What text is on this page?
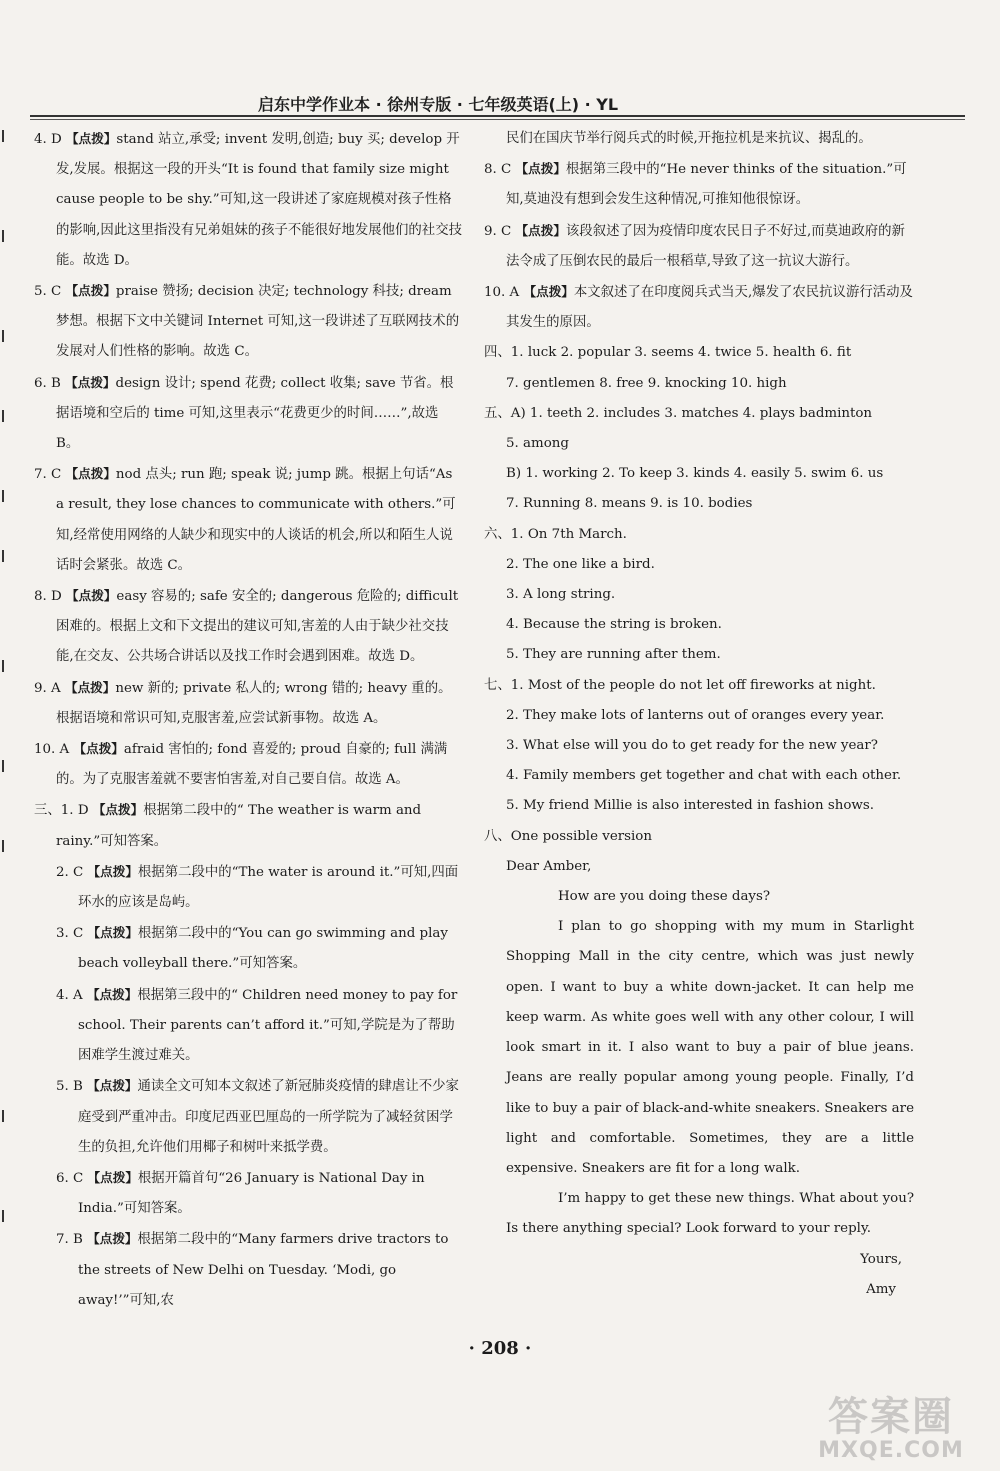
启东中学作业本 · 徐州专版 · 七年级英语(上) · YL
4. D 【点拨】stand 站立,承受; invent 发明,创造; buy 买; develop 开发,发展。根据这一段的开头“It is found that family size might cause people to be shy.”可知,这一段讲述了家庭规模对孩子性格的影响,因此这里指没有兄弟姐妹的孩子不能很好地发展他们的社交技能。故选 D。
5. C 【点拨】praise 赞扬; decision 决定; technology 科技; dream 梦想。根据下文中关键词 Internet 可知,这一段讲述了互联网技术的发展对人们性格的影响。故选 C。
6. B 【点拨】design 设计; spend 花费; collect 收集; save 节省。根据语境和空后的 time 可知,这里表示“花费更少的时间……”,故选 B。
7. C 【点拨】nod 点头; run 跑; speak 说; jump 跳。根据上句话“As a result, they lose chances to communicate with others.”可知,经常使用网络的人缺少和现实中的人谈话的机会,所以和陌生人说话时会紧张。故选 C。
8. D 【点拨】easy 容易的; safe 安全的; dangerous 危险的; difficult 困难的。根据上文和下文提出的建议可知,害羞的人由于缺少社交技能,在交友、公共场合讲话以及找工作时会遇到困难。故选 D。
9. A 【点拨】new 新的; private 私人的; wrong 错的; heavy 重的。根据语境和常识可知,克服害羞,应尝试新事物。故选 A。
10. A 【点拨】afraid 害怕的; fond 喜爱的; proud 自豪的; full 满满的。为了克服害羞就不要害怕害羞,对自己要自信。故选 A。
三、1. D 【点拨】根据第二段中的“ The weather is warm and rainy.”可知答案。
2. C 【点拨】根据第二段中的“The water is around it.”可知,四面环水的应该是岛屿。
3. C 【点拨】根据第二段中的“You can go swimming and play beach volleyball there.”可知答案。
4. A 【点拨】根据第三段中的“ Children need money to pay for school. Their parents can’t afford it.”可知,学院是为了帮助困难学生渡过难关。
5. B 【点拨】通读全文可知本文叙述了新冠肺炎疫情的肆虐让不少家庭受到严重冲击。印度尼西亚巴厘岛的一所学院为了减轻贫困学生的负担,允许他们用椰子和树叶来抵学费。
6. C 【点拨】根据开篇首句“26 January is National Day in India.”可知答案。
7. B 【点拨】根据第二段中的“Many farmers drive tractors to the streets of New Delhi on Tuesday. ‘Modi, go away!’”可知,农
民们在国庆节举行阅兵式的时候,开拖拉机是来抗议、揭乱的。
8. C 【点拨】根据第三段中的“He never thinks of the situation.”可知,莫迪没有想到会发生这种情况,可推知他很惊讶。
9. C 【点拨】该段叙述了因为疫情印度农民日子不好过,而莫迪政府的新法令成了压倒农民的最后一根稻草,导致了这一抗议大游行。
10. A 【点拨】本文叙述了在印度阅兵式当天,爆发了农民抗议游行活动及其发生的原因。
四、1. luck 2. popular 3. seems 4. twice 5. health 6. fit
7. gentlemen 8. free 9. knocking 10. high
五、A) 1. teeth 2. includes 3. matches 4. plays badminton
5. among
B) 1. working 2. To keep 3. kinds 4. easily 5. swim 6. us
7. Running 8. means 9. is 10. bodies
六、1. On 7th March.
2. The one like a bird.
3. A long string.
4. Because the string is broken.
5. They are running after them.
七、1. Most of the people do not let off fireworks at night.
2. They make lots of lanterns out of oranges every year.
3. What else will you do to get ready for the new year?
4. Family members get together and chat with each other.
5. My friend Millie is also interested in fashion shows.

八、One possible version

Dear Amber,

How are you doing these days?

I plan to go shopping with my mum in Starlight Shopping Mall in the city centre, which was just newly open. I want to buy a white down-jacket. It can help me keep warm. As white goes well with any other colour, I will look smart in it. I also want to buy a pair of blue jeans. Jeans are really popular among young people. Finally, I’d like to buy a pair of black-and-white sneakers. Sneakers are light and comfortable. Sometimes, they are a little expensive. Sneakers are fit for a long walk.

I’m happy to get these new things. What about you? Is there anything special? Look forward to your reply.

Yours,

Amy

· 208 ·
答案圈
MXQE.COM
